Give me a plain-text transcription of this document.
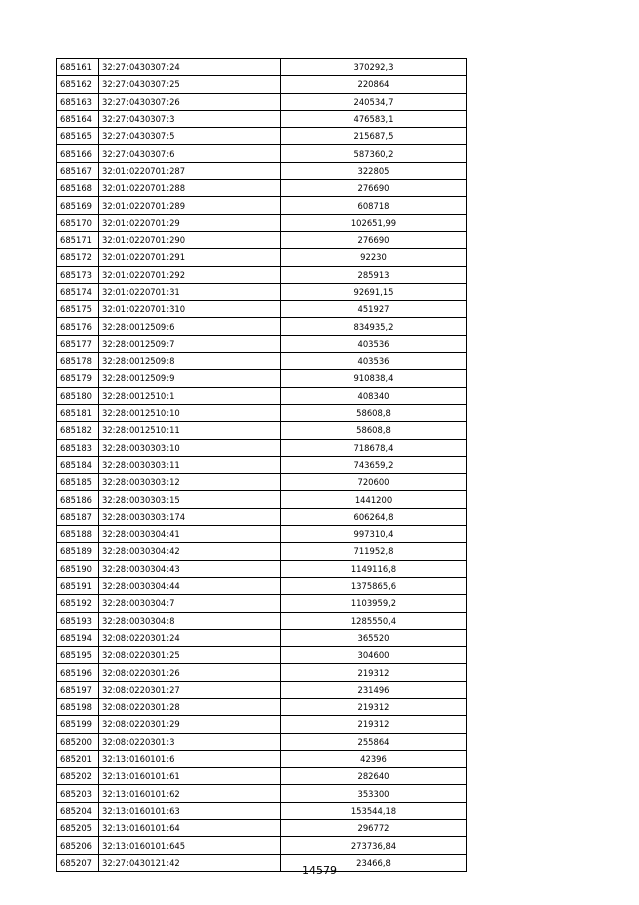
685161	32:27:0430307:24	370292,3
685162	32:27:0430307:25	220864
685163	32:27:0430307:26	240534,7
685164	32:27:0430307:3	476583,1
685165	32:27:0430307:5	215687,5
685166	32:27:0430307:6	587360,2
685167	32:01:0220701:287	322805
685168	32:01:0220701:288	276690
685169	32:01:0220701:289	608718
685170	32:01:0220701:29	102651,99
685171	32:01:0220701:290	276690
685172	32:01:0220701:291	92230
685173	32:01:0220701:292	285913
685174	32:01:0220701:31	92691,15
685175	32:01:0220701:310	451927
685176	32:28:0012509:6	834935,2
685177	32:28:0012509:7	403536
685178	32:28:0012509:8	403536
685179	32:28:0012509:9	910838,4
685180	32:28:0012510:1	408340
685181	32:28:0012510:10	58608,8
685182	32:28:0012510:11	58608,8
685183	32:28:0030303:10	718678,4
685184	32:28:0030303:11	743659,2
685185	32:28:0030303:12	720600
685186	32:28:0030303:15	1441200
685187	32:28:0030303:174	606264,8
685188	32:28:0030304:41	997310,4
685189	32:28:0030304:42	711952,8
685190	32:28:0030304:43	1149116,8
685191	32:28:0030304:44	1375865,6
685192	32:28:0030304:7	1103959,2
685193	32:28:0030304:8	1285550,4
685194	32:08:0220301:24	365520
685195	32:08:0220301:25	304600
685196	32:08:0220301:26	219312
685197	32:08:0220301:27	231496
685198	32:08:0220301:28	219312
685199	32:08:0220301:29	219312
685200	32:08:0220301:3	255864
685201	32:13:0160101:6	42396
685202	32:13:0160101:61	282640
685203	32:13:0160101:62	353300
685204	32:13:0160101:63	153544,18
685205	32:13:0160101:64	296772
685206	32:13:0160101:645	273736,84
685207	32:27:0430121:42	23466,8
14579
